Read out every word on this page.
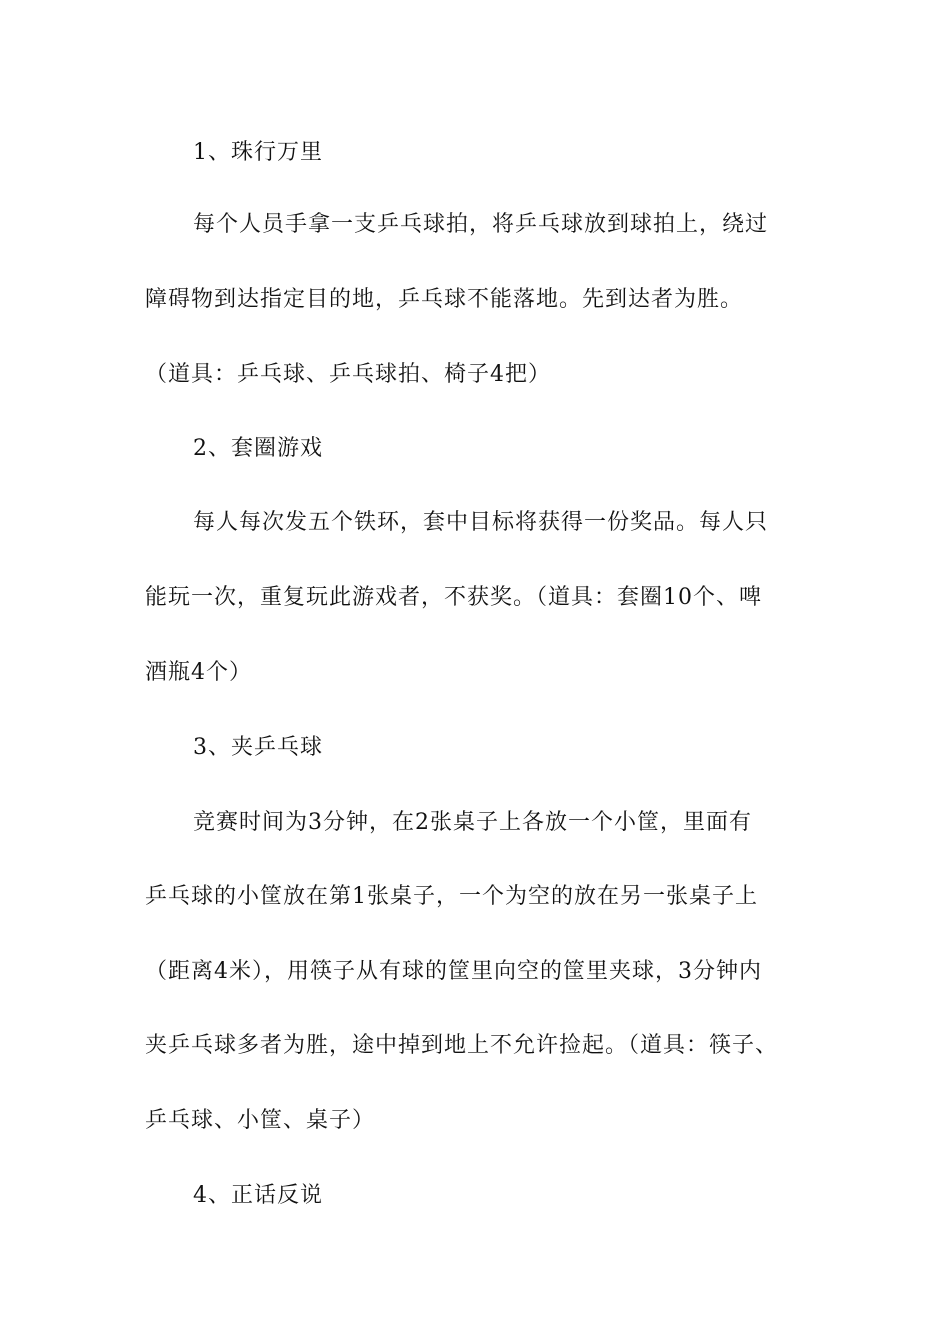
1、珠行万里
每个人员手拿一支乒乓球拍，将乒乓球放到球拍上，绕过
障碍物到达指定目的地，乒乓球不能落地。先到达者为胜。
（道具：乒乓球、乒乓球拍、椅子4把）
2、套圈游戏
每人每次发五个铁环，套中目标将获得一份奖品。每人只
能玩一次，重复玩此游戏者，不获奖。（道具：套圈10个、啤
酒瓶4个）
3、夹乒乓球
竞赛时间为3分钟，在2张桌子上各放一个小筐，里面有
乒乓球的小筐放在第1张桌子，一个为空的放在另一张桌子上
（距离4米），用筷子从有球的筐里向空的筐里夹球，3分钟内
夹乒乓球多者为胜，途中掉到地上不允许捡起。（道具：筷子、
乒乓球、小筐、桌子）
4、正话反说
